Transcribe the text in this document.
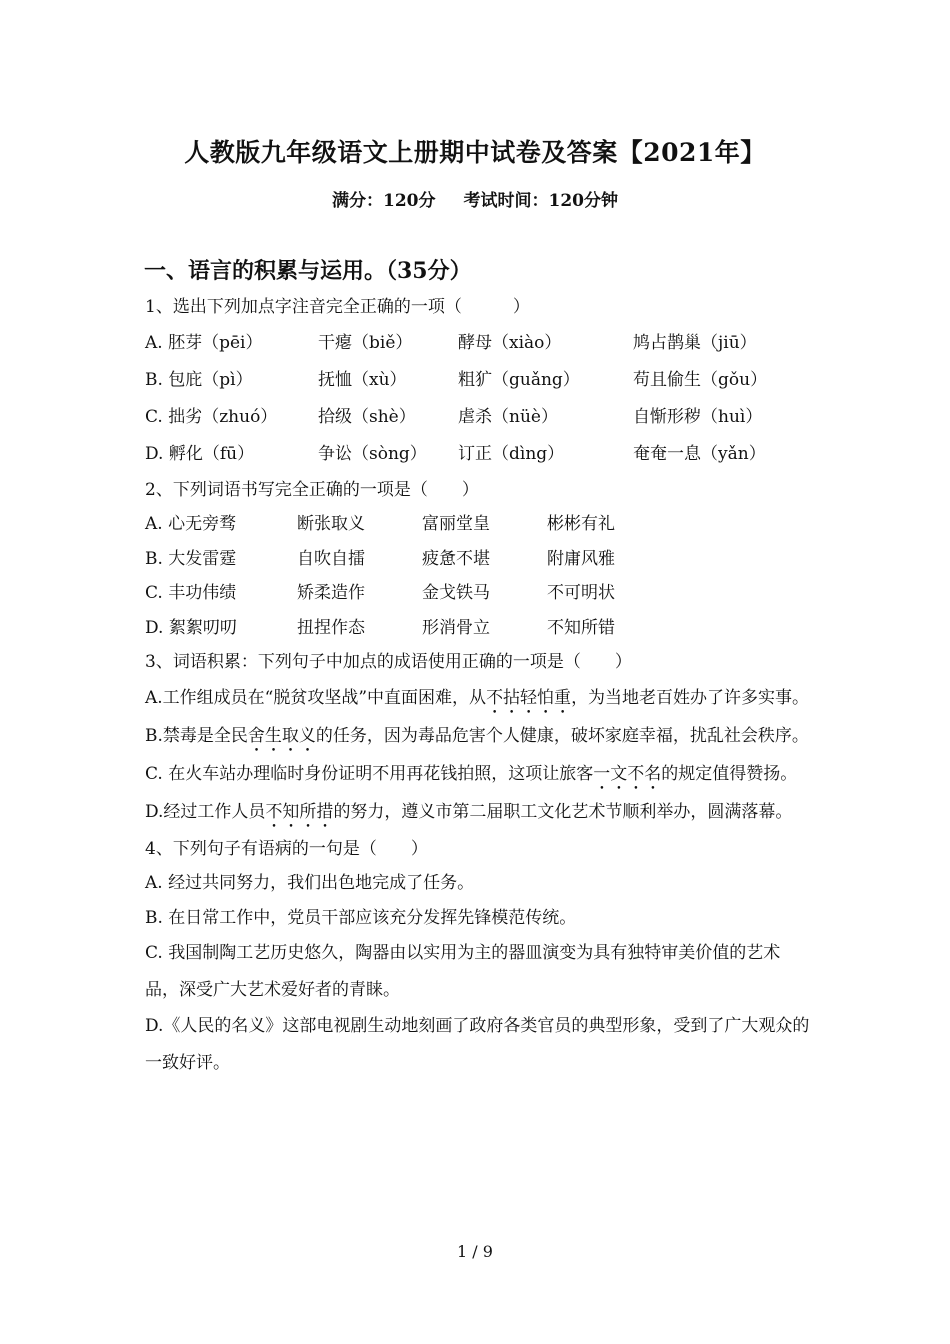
人教版九年级语文上册期中试卷及答案【2021年】
满分：120分 考试时间：120分钟
一、语言的积累与运用。（35分）
1、选出下列加点字注音完全正确的一项（　　　）
A. 胚芽（pēi）	干瘪（biě）	酵母（xiào）	鸠占鹊巢（jiū）
B. 包庇（pì）	抚恤（xù）	粗犷（guǎng）	苟且偷生（gǒu）
C. 拙劣（zhuó） 拾级（shè） 虐杀（nüè）	自惭形秽（huì）
D. 孵化（fū）	争讼（sòng） 订正（dìng）	奄奄一息（yǎn）
2、下列词语书写完全正确的一项是（　　）
A. 心无旁骛	断张取义	富丽堂皇	彬彬有礼
B. 大发雷霆	自吹自擂	疲惫不堪	附庸风雅
C. 丰功伟绩	矫柔造作	金戈铁马	不可明状
D. 絮絮叨叨	扭捏作态	形消骨立	不知所错
3、词语积累：下列句子中加点的成语使用正确的一项是（　　）
A.工作组成员在“脱贫攻坚战”中直面困难，从不拈轻怕重，为当地老百姓办了许多实事。
B.禁毒是全民舍生取义的任务，因为毒品危害个人健康，破坏家庭幸福，扰乱社会秩序。
C. 在火车站办理临时身份证明不用再花钱拍照，这项让旅客一文不名的规定值得赞扬。
D.经过工作人员不知所措的努力，遵义市第二届职工文化艺术节顺利举办，圆满落幕。
4、下列句子有语病的一句是（　　）
A. 经过共同努力，我们出色地完成了任务。
B. 在日常工作中，党员干部应该充分发挥先锋模范传统。
C. 我国制陶工艺历史悠久，陶器由以实用为主的器皿演变为具有独特审美价值的艺术品，深受广大艺术爱好者的青睐。
D.《人民的名义》这部电视剧生动地刻画了政府各类官员的典型形象，受到了广大观众的一致好评。
1 / 9
